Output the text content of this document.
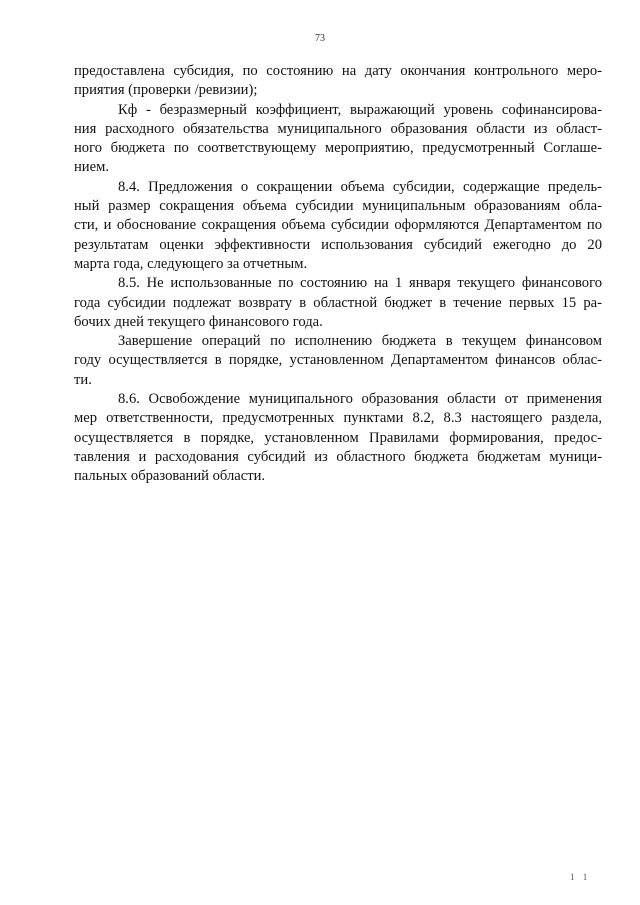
73
предоставлена субсидия, по состоянию на дату окончания контрольного меро-
приятия (проверки /ревизии);
Кф - безразмерный коэффициент, выражающий уровень софинансирова-
ния расходного обязательства муниципального образования области из област-
ного бюджета по соответствующему мероприятию, предусмотренный Соглаше-
нием.
8.4. Предложения о сокращении объема субсидии, содержащие предель-
ный размер сокращения объема субсидии муниципальным образованиям обла-
сти, и обоснование сокращения объема субсидии оформляются Департаментом по
результатам оценки эффективности использования субсидий ежегодно до 20
марта года, следующего за отчетным.
8.5. Не использованные по состоянию на 1 января текущего финансового
года субсидии подлежат возврату в областной бюджет в течение первых 15 ра-
бочих дней текущего финансового года.
Завершение операций по исполнению бюджета в текущем финансовом
году осуществляется в порядке, установленном Департаментом финансов облас-
ти.
8.6. Освобождение муниципального образования области от применения
мер ответственности, предусмотренных пунктами 8.2, 8.3 настоящего раздела,
осуществляется в порядке, установленном Правилами формирования, предос-
тавления и расходования субсидий из областного бюджета бюджетам муници-
пальных образований области.
1 1
